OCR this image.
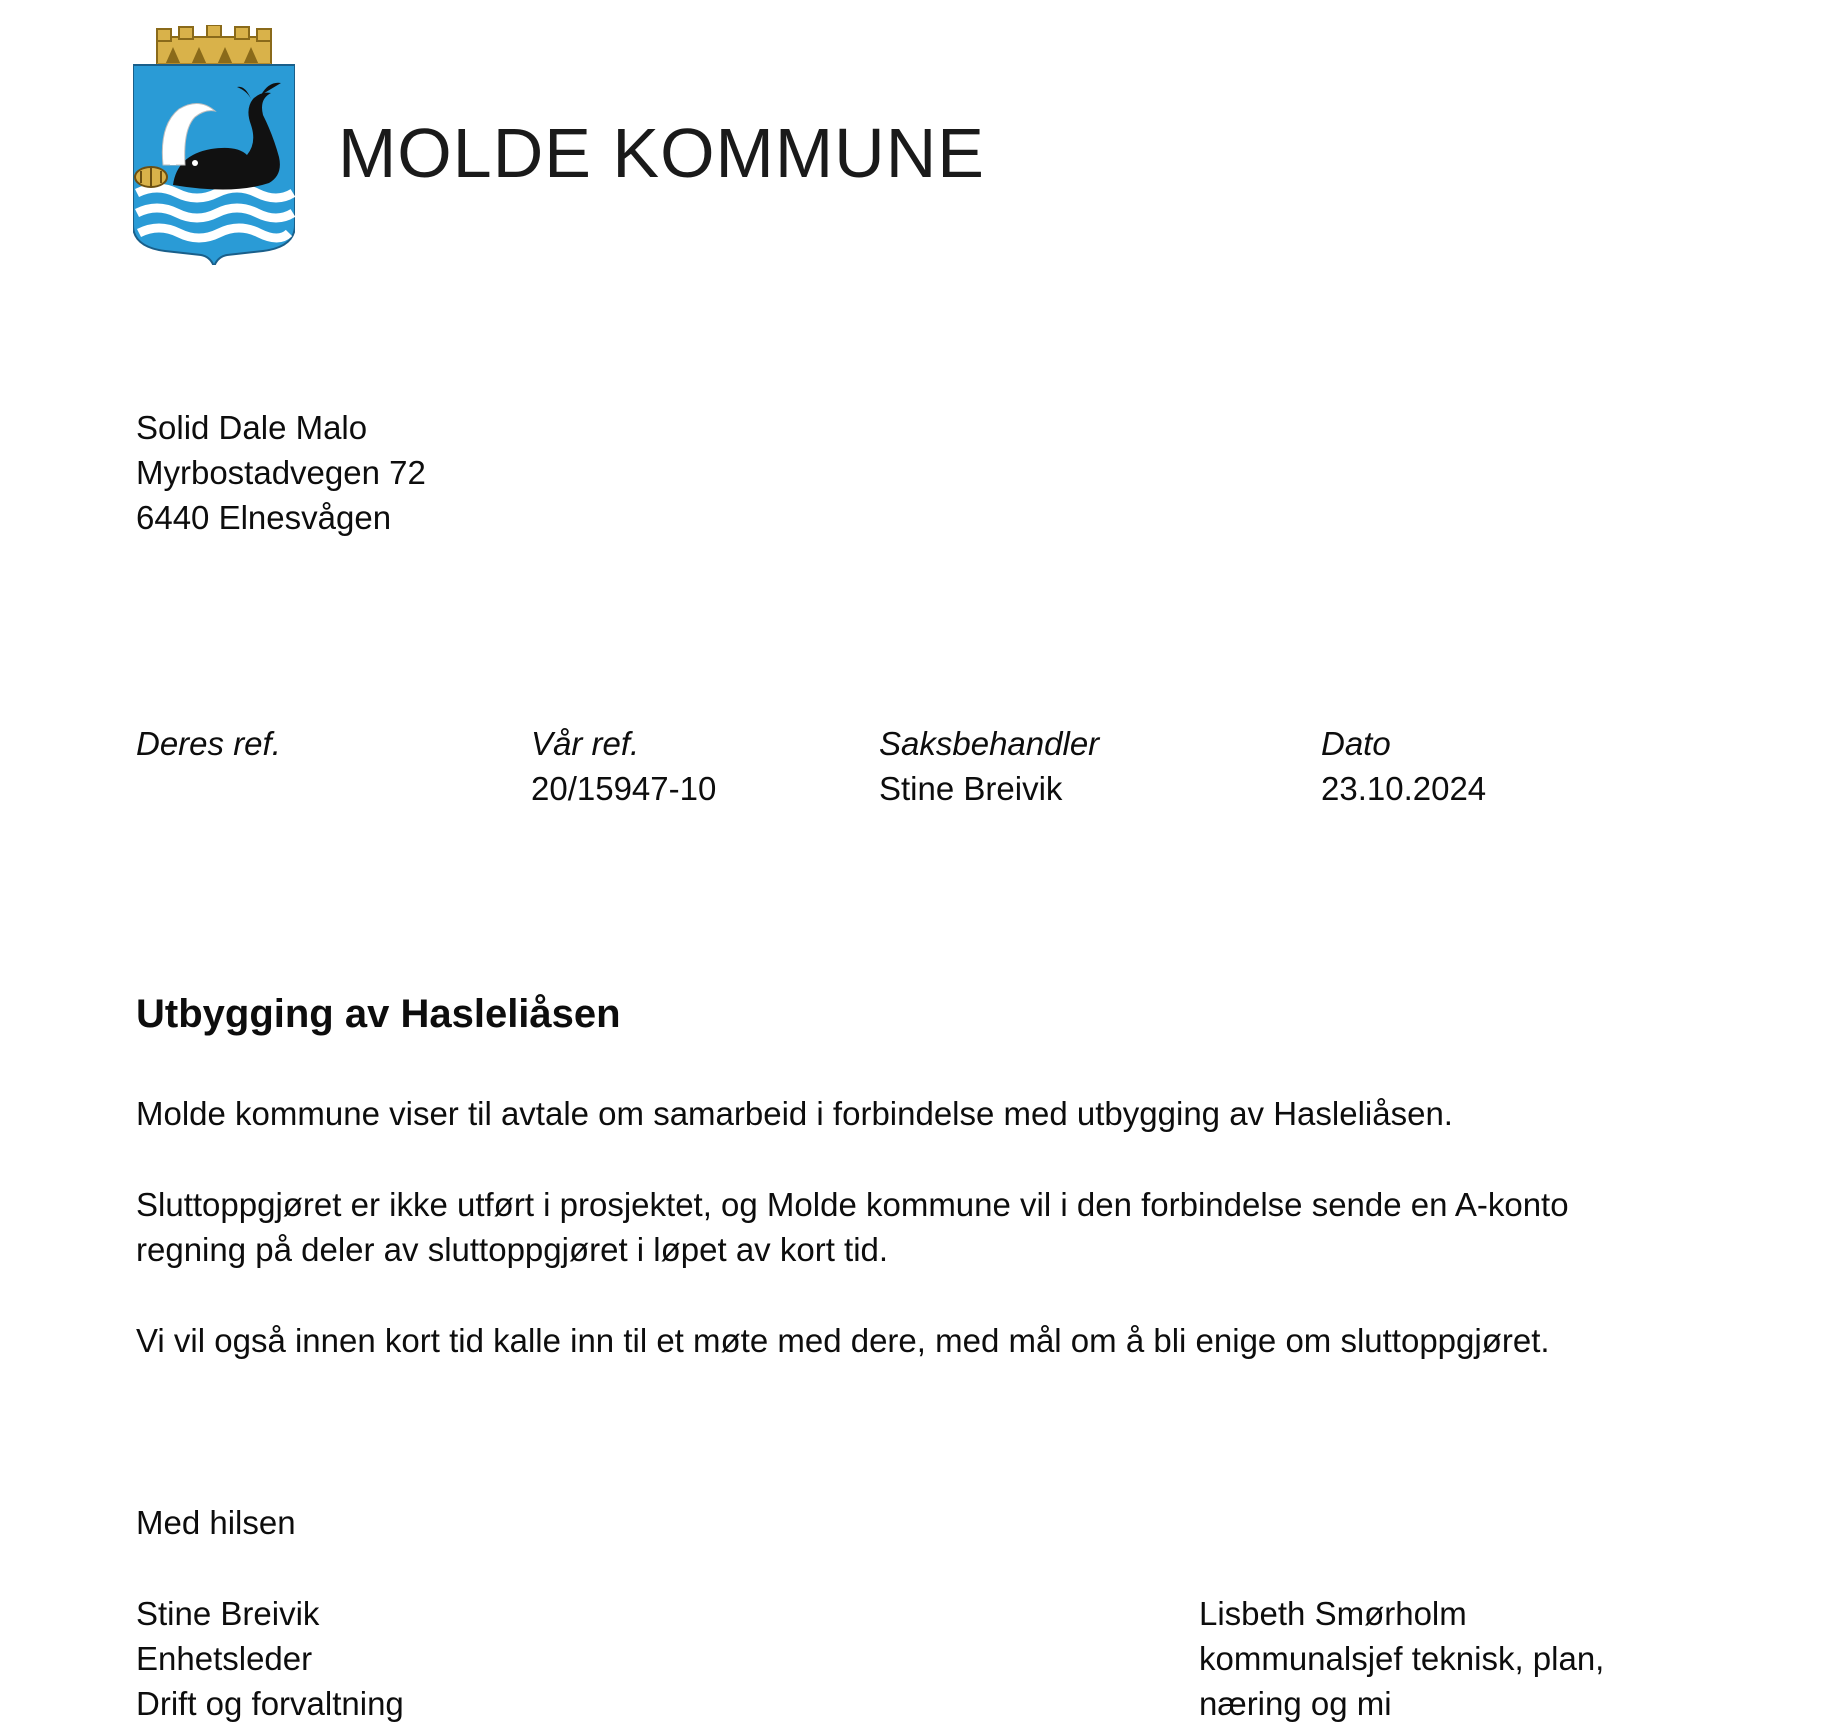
MOLDE KOMMUNE
Solid Dale Malo
Myrbostadvegen 72
6440 Elnesvågen
Deres ref.	Vår ref.
20/15947-10
Saksbehandler
Stine Breivik
Dato
23.10.2024
Utbygging av Hasleliåsen
Molde kommune viser til avtale om samarbeid i forbindelse med utbygging av Hasleliåsen.
Sluttoppgjøret er ikke utført i prosjektet, og Molde kommune vil i den forbindelse sende en A-konto
regning på deler av sluttoppgjøret i løpet av kort tid.
Vi vil også innen kort tid kalle inn til et møte med dere, med mål om å bli enige om sluttoppgjøret.
Med hilsen
Stine Breivik
Enhetsleder
Drift og forvaltning
Lisbeth Smørholm
kommunalsjef teknisk, plan,
næring og mi
